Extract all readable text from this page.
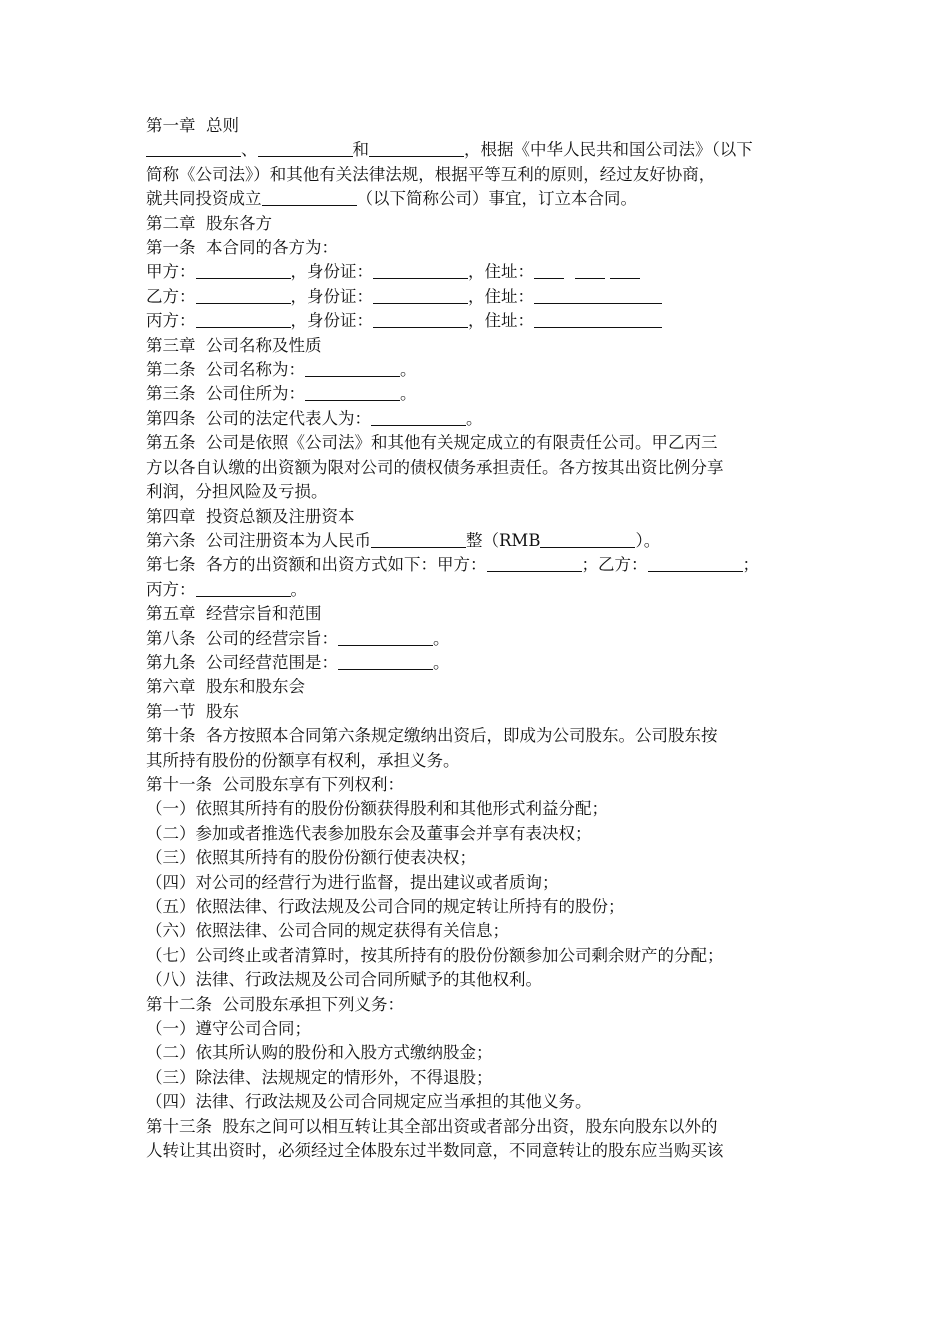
第一章  总则

、	和	，根据《中华人民共和国公司法》（以下

简称《公司法》）和其他有关法律法规，根据平等互利的原则，经过友好协商，

就共同投资成立	（以下简称公司）事宜，订立本合同。

第二章  股东各方

第一条  本合同的各方为：

甲方：	，身份证：	，住址：

乙方：	，身份证：	，住址：

丙方：	，身份证：	，住址：

第三章  公司名称及性质

第二条  公司名称为：	。

第三条  公司住所为：	。

第四条  公司的法定代表人为：	。

第五条  公司是依照《公司法》和其他有关规定成立的有限责任公司。甲乙丙三

方以各自认缴的出资额为限对公司的债权债务承担责任。各方按其出资比例分享

利润，分担风险及亏损。

第四章  投资总额及注册资本

第六条  公司注册资本为人民币	整（RMB	）。

第七条  各方的出资额和出资方式如下：甲方：	；乙方：	；

丙方：	。

第五章  经营宗旨和范围

第八条  公司的经营宗旨：	。

第九条  公司经营范围是：	。

第六章  股东和股东会

第一节  股东

第十条  各方按照本合同第六条规定缴纳出资后，即成为公司股东。公司股东按

其所持有股份的份额享有权利，承担义务。

第十一条  公司股东享有下列权利：

（一）依照其所持有的股份份额获得股利和其他形式利益分配；

（二）参加或者推选代表参加股东会及董事会并享有表决权；

（三）依照其所持有的股份份额行使表决权；

（四）对公司的经营行为进行监督，提出建议或者质询；

（五）依照法律、行政法规及公司合同的规定转让所持有的股份；

（六）依照法律、公司合同的规定获得有关信息；

（七）公司终止或者清算时，按其所持有的股份份额参加公司剩余财产的分配；

（八）法律、行政法规及公司合同所赋予的其他权利。

第十二条  公司股东承担下列义务：

（一）遵守公司合同；

（二）依其所认购的股份和入股方式缴纳股金；

（三）除法律、法规规定的情形外，不得退股；

（四）法律、行政法规及公司合同规定应当承担的其他义务。

第十三条  股东之间可以相互转让其全部出资或者部分出资，股东向股东以外的

人转让其出资时，必须经过全体股东过半数同意，不同意转让的股东应当购买该
